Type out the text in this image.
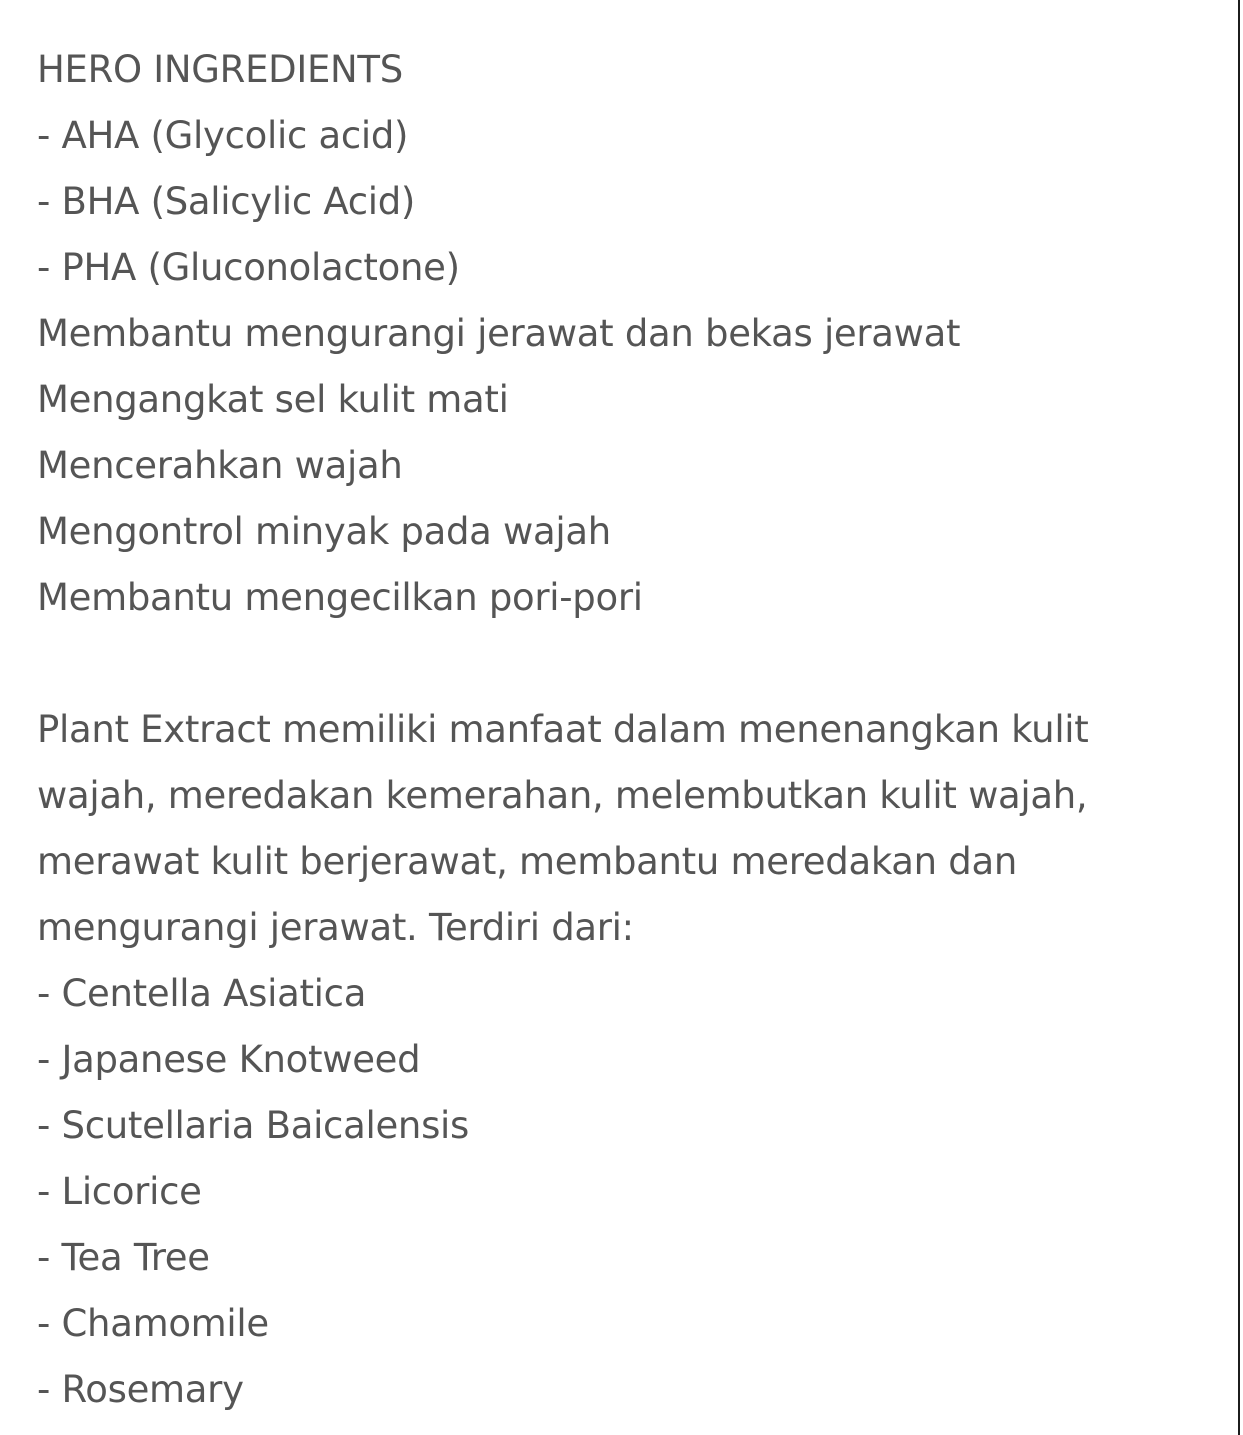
HERO INGREDIENTS
- AHA (Glycolic acid)
- BHA (Salicylic Acid)
- PHA (Gluconolactone)
Membantu mengurangi jerawat dan bekas jerawat
Mengangkat sel kulit mati
Mencerahkan wajah
Mengontrol minyak pada wajah
Membantu mengecilkan pori-pori
Plant Extract memiliki manfaat dalam menenangkan kulit
wajah, meredakan kemerahan, melembutkan kulit wajah,
merawat kulit berjerawat, membantu meredakan dan
mengurangi jerawat. Terdiri dari:
- Centella Asiatica
- Japanese Knotweed
- Scutellaria Baicalensis
- Licorice
- Tea Tree
- Chamomile
- Rosemary
